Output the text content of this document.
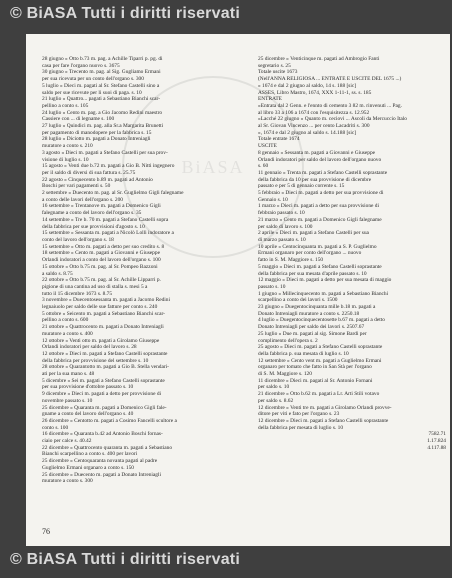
© BiASA Tutti i diritti riservati
BiASA
28 giugno » Otto b.73 m. pag. a Achille Tiparri p. pg. di
casa per fare l'organo nuovo s. 3675
30 giugno » Trecento m. pag. al Sig. Gugliamo Ermani
per sua ricevuta per un conto dell'organo s. 300
5 luglio » Dieci m. pagati al Sr. Stefano Castelli sino a
saldo per sue ricevute per li suoi di paga. s. 10
21 luglio » Quattro... pagati a Sebastiano Bianchi scar-
pellino a conto s. 105
24 luglio » Cento m. pag. a Gio Jacomo Redini maestro
Cassiere con ... di legname s. 100
27 luglio » Quindici m. pag. alla Sr.a Margarita Brunetti
per pagamento di manodopere per la fabbrica s. 15
28 luglio » Diciotto m. pagati a Donato Intreniagli
muratore a conto s. 210
3 agosto » Dieci m. pagati a Stefano Castelli per sua prov-
visione di luglio s. 10
15 agosto » Venti due b.72 m. pagati a Gio B. Nitti ingegnero
per il saldo di diversi di sua fattura s. 25.75
22 agosto » Cinquecento b.89 m. pagati ad Antonio
Boschi per vari pagamenti s. 50
2 settembre » Duecento m. pag. al Sr. Guglielmo Gigli falegname
a conto delle lavori dell'organo s. 200
16 settembre » Trentanove m. pagati a Domenico Gigli
falegname a conto del lavoro dell'organo s. 35
14 settembre » Tre b. 70 m. pagati a Stefano Castelli sopra
della fabbrica per sue provvisioni d'agosto s. 10
15 settembre » Sessanta m. pagati a Nicolò Lolli indoratore a
conto del lavoro dell'organo s. 18
15 settembre » Otto m. pagati a detto per suo credito s. 8
18 settembre » Cento m. pagati a Giovanni e Giuseppe
Orlandi indoratori a conto del lavoro dell'organo s. 100
15 ottobre » Otto b.75 m. pag. al Sr. Pompeo Bazzoni
a saldo s. 8.75
22 ottobre » Otto b.75 m. pag. al Sr. Achille Lipparri p.
pigione di una cantina ad uso di stalla s. mesi 5 a
tutto il 15 dicembre 1673 s. 8.75
3 novembre » Duecentosessanta m. pagati a Jacomo Redini
legnaiuolo per saldo delle sue fatture per conto s. 240
5 ottobre » Seicento m. pagati a Sebastiano Bianchi scar-
pellino a conto s. 600
21 ottobre » Quattrocento m. pagati a Donato Intreniagli
muratore a conto s. 400
12 ottobre » Venti otto m. pagati a Girolamo Giuseppe
Orlandi indoratori per saldo del lavoro s. 28
12 ottobre » Dieci m. pagati a Stefano Castelli soprastante
della fabbrica per provvisione del settembre s. 10
28 ottobre » Quarantotto m. pagati a Gio B. Stella vendari-
ati per la sua mano s. 48
5 dicembre » Sei m. pagati a Stefano Castelli soprastante
per sua provvisione d'ottobre passato s. 10
9 dicembre » Dieci m. pagati a detto per provvisione di
novembre passato s. 10
25 dicembre » Quaranta m. pagati a Domenico Gigli fale-
gname a conto del lavoro dell'organo s. 40
26 dicembre » Centotto m. pagati a Cosimo Fancelli scultore a
conto s. 100
16 dicembre » Quaranta b.42 ad Antonio Boschi fornas-
ciaio per calce s. 40.42
22 dicembre » Quattrocento quaranta m. pagati a Sebastiano
Bianchi scarpellino a conto s. 400 per lavori
25 dicembre » Centoquaranta novanta pagati al padre
Guglielmo Ermani organaro a conto s. 150
25 dicembre » Duecento m. pagati a Donato Intreniagli
muratore a conto s. 300
25 dicembre » Venticinque m. pagati ad Ambrogio Fanti
segretario s. 25
Totale uscite 1673
(Nell'ANNA RELIGIOSA ... ENTRATE E USCITE DEL 1675 ...)
» 1674 e dal 2 giugno al saldo, 14 s. 188 [sic]
ASSES, Libro Mastro, 1674, XXX 1-11-1, ss. s. 185
ENTRATE
»Entrata dal 2 Genn. e l'ennto di cemento 3 82 m. rinvenuti ... Pag.
al libro 33 a 106 a 1674 con l'esquisitezza s. 12.952
»Lacché 22 giugno » Quanto m. ceciovi ... Ascoli da Mercuccio Italo
al Sr. Giovan Vincenzo ... per cento Lacadriti s. 300
», 1674 e dal 2 giugno al saldo s. 14.188 [sic]
Totale entrate 1674
USCITE
8 gennaio » Sessanta m. pagati a Giovanni e Giuseppe
Orlandi indoratori per saldo del lavoro dell'organo nuovo
s. 60
11 gennaio » Trenta m. pagati a Stefano Castelli soprastante
della fabbrica da 10 per sua provvisione di dicembre
passato e per 5 di gennaio corrente s. 15
5 febbraio » Dieci m. pagati a detto per sua provvisione di
Gennaio s. 10
1 marzo » Dieci m. pagati a detto per sua provvisione di
febbraio passato s. 10
21 marzo » Cento m. pagati a Domenico Gigli falegname
per saldo di lavoro s. 100
2 aprile » Dieci m. pagati a Stefano Castelli per sua
di marzo passato s. 10
10 aprile » Centocinquanta m. pagati a S. P. Guglielmo
Ermani organaro per conto dell'organo ... nuovo
fatto in S. M. Maggiore s. 150
5 maggio » Dieci m. pagati a Stefano Castelli soprastante
della fabbrica per sua mesata d'aprile passato s. 10
12 maggio » Dieci m. pagati a detto per sua mesata di maggio
passato s. 10
1 giugno » Millecinquecento m. pagati a Sebastiano Bianchi
scarpellino a conto dei lavori s. 1500
23 giugno » Duegentocinquanta mille b.18 m. pagati a
Donato Intreniagli muratore a conto s. 2250.18
4 luglio » Duegentocinquecentosette b.67 m. pagati a detto
Donato Intreniagli per saldo dei lavori s. 2507.67
25 luglio » Due m. pagati al sig. Simone Bardi per
complimento dell'opera s. 2
25 agosto » Dieci m. pagati a Stefano Castelli soprastante
della fabbrica p. sua mesata di luglio s. 10
12 settembre » Cento vent m. pagati a Guglielmo Ermani
organaro per tomato che fatto in San Stà per l'organo
di S. M. Maggiore s. 120
11 dicembre » Dieci m. pagati al Sr. Antonio Fornani
per saldo s. 10
21 dicembre » Otto b.62 m. pagati a Lr. Arti Stili votavo
per saldo s. 8.62
12 dicembre » Venti tre m. pagati a Girolamo Orlandi provve-
ditore per viti e fato per l'organo s. 23
12 dicembre » Dieci m. pagati a Stefano Castelli soprastante
della fabbrica per mesata di luglio s. 10
7582.71
1.17.824
4.117.88
76
© BiASA Tutti i diritti riservati
